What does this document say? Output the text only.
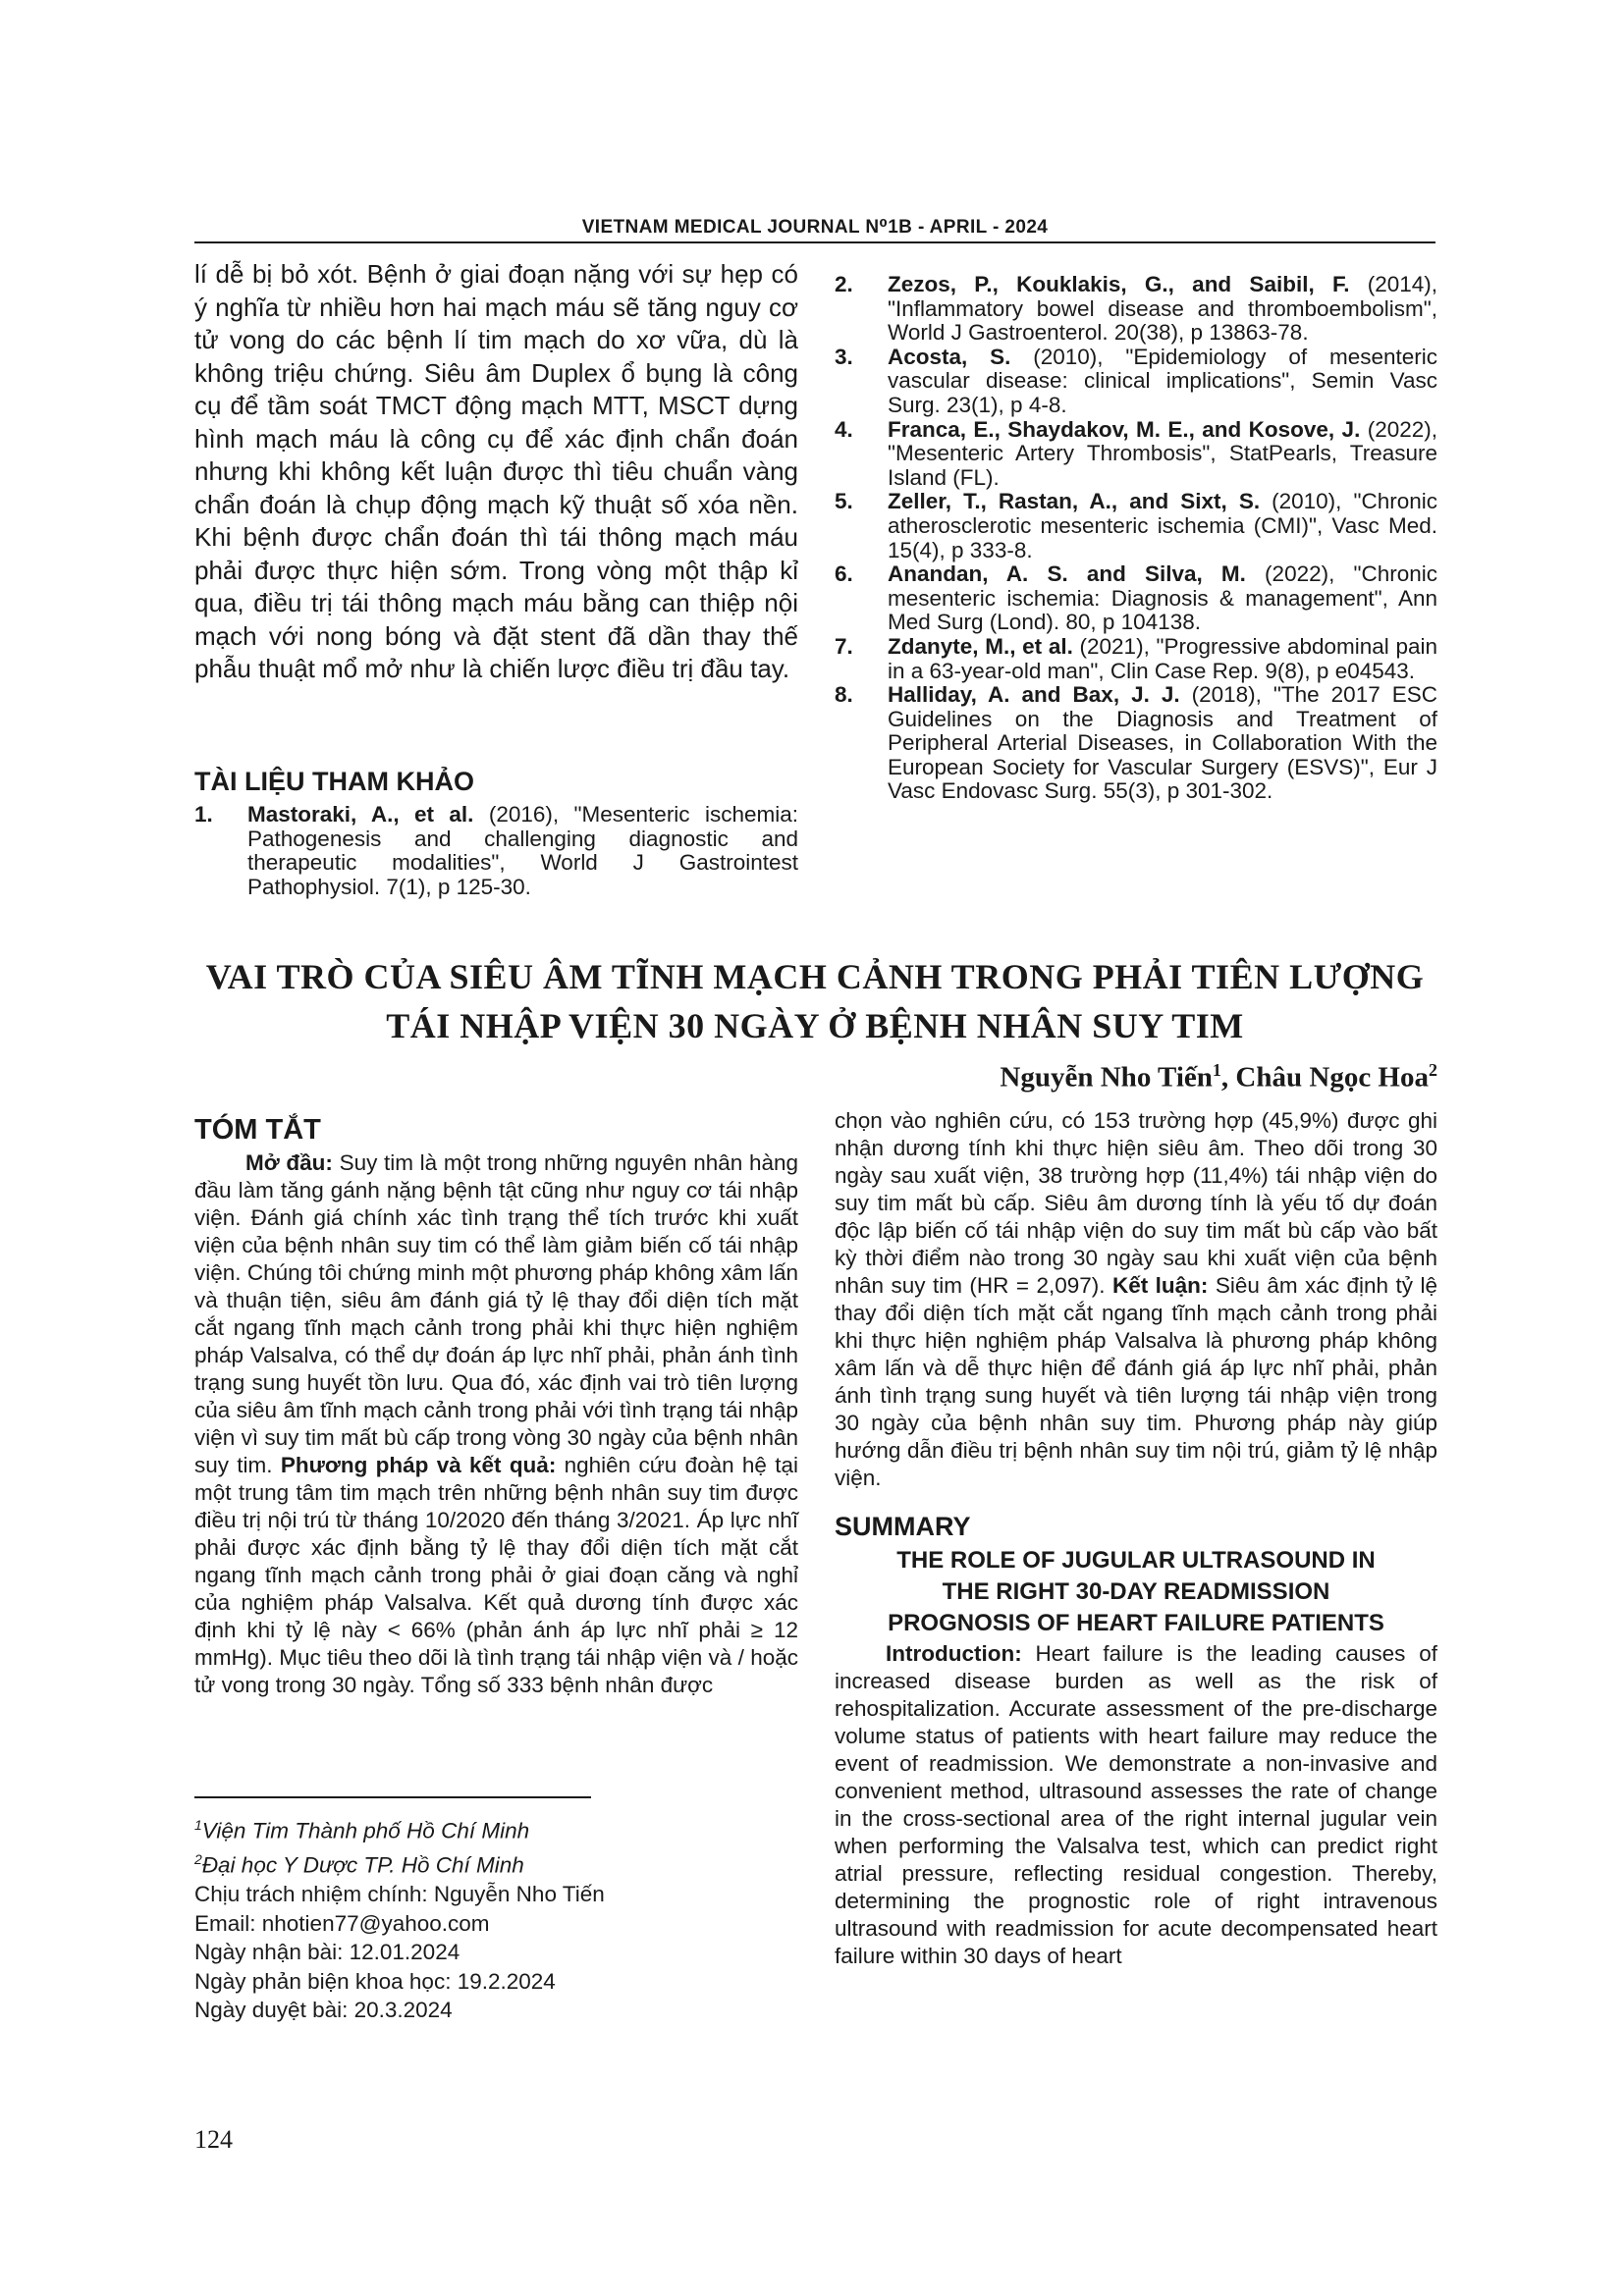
VIETNAM MEDICAL JOURNAL N⁰1B - APRIL - 2024

lí dễ bị bỏ xót. Bệnh ở giai đoạn nặng với sự hẹp có ý nghĩa từ nhiều hơn hai mạch máu sẽ tăng nguy cơ tử vong do các bệnh lí tim mạch do xơ vữa, dù là không triệu chứng. Siêu âm Duplex ổ bụng là công cụ để tầm soát TMCT động mạch MTT, MSCT dựng hình mạch máu là công cụ để xác định chẩn đoán nhưng khi không kết luận được thì tiêu chuẩn vàng chẩn đoán là chụp động mạch kỹ thuật số xóa nền. Khi bệnh được chẩn đoán thì tái thông mạch máu phải được thực hiện sớm. Trong vòng một thập kỉ qua, điều trị tái thông mạch máu bằng can thiệp nội mạch với nong bóng và đặt stent đã dần thay thế phẫu thuật mổ mở như là chiến lược điều trị đầu tay.

TÀI LIỆU THAM KHẢO
1.	Mastoraki, A., et al. (2016), "Mesenteric ischemia: Pathogenesis and challenging diagnostic and therapeutic modalities", World J Gastrointest Pathophysiol. 7(1), p 125-30.
2.	Zezos, P., Kouklakis, G., and Saibil, F. (2014), "Inflammatory bowel disease and thromboembolism", World J Gastroenterol. 20(38), p 13863-78.
3.	Acosta, S. (2010), "Epidemiology of mesenteric vascular disease: clinical implications", Semin Vasc Surg. 23(1), p 4-8.
4.	Franca, E., Shaydakov, M. E., and Kosove, J. (2022), "Mesenteric Artery Thrombosis", StatPearls, Treasure Island (FL).
5.	Zeller, T., Rastan, A., and Sixt, S. (2010), "Chronic atherosclerotic mesenteric ischemia (CMI)", Vasc Med. 15(4), p 333-8.
6.	Anandan, A. S. and Silva, M. (2022), "Chronic mesenteric ischemia: Diagnosis & management", Ann Med Surg (Lond). 80, p 104138.
7.	Zdanyte, M., et al. (2021), "Progressive abdominal pain in a 63-year-old man", Clin Case Rep. 9(8), p e04543.
8.	Halliday, A. and Bax, J. J. (2018), "The 2017 ESC Guidelines on the Diagnosis and Treatment of Peripheral Arterial Diseases, in Collaboration With the European Society for Vascular Surgery (ESVS)", Eur J Vasc Endovasc Surg. 55(3), p 301-302.
VAI TRÒ CỦA SIÊU ÂM TĨNH MẠCH CẢNH TRONG PHẢI TIÊN LƯỢNG
TÁI NHẬP VIỆN 30 NGÀY Ở BỆNH NHÂN SUY TIM
Nguyễn Nho Tiến$^1$, Châu Ngọc Hoa$^2$
TÓM TẮT

Mở đầu: Suy tim là một trong những nguyên nhân hàng đầu làm tăng gánh nặng bệnh tật cũng như nguy cơ tái nhập viện. Đánh giá chính xác tình trạng thể tích trước khi xuất viện của bệnh nhân suy tim có thể làm giảm biến cố tái nhập viện. Chúng tôi chứng minh một phương pháp không xâm lấn và thuận tiện, siêu âm đánh giá tỷ lệ thay đổi diện tích mặt cắt ngang tĩnh mạch cảnh trong phải khi thực hiện nghiệm pháp Valsalva, có thể dự đoán áp lực nhĩ phải, phản ánh tình trạng sung huyết tồn lưu. Qua đó, xác định vai trò tiên lượng của siêu âm tĩnh mạch cảnh trong phải với tình trạng tái nhập viện vì suy tim mất bù cấp trong vòng 30 ngày của bệnh nhân suy tim. Phương pháp và kết quả: nghiên cứu đoàn hệ tại một trung tâm tim mạch trên những bệnh nhân suy tim được điều trị nội trú từ tháng 10/2020 đến tháng 3/2021. Áp lực nhĩ phải được xác định bằng tỷ lệ thay đổi diện tích mặt cắt ngang tĩnh mạch cảnh trong phải ở giai đoạn căng và nghỉ của nghiệm pháp Valsalva. Kết quả dương tính được xác định khi tỷ lệ này < 66% (phản ánh áp lực nhĩ phải ≥ 12 mmHg). Mục tiêu theo dõi là tình trạng tái nhập viện và / hoặc tử vong trong 30 ngày. Tổng số 333 bệnh nhân được

chọn vào nghiên cứu, có 153 trường hợp (45,9%) được ghi nhận dương tính khi thực hiện siêu âm. Theo dõi trong 30 ngày sau xuất viện, 38 trường hợp (11,4%) tái nhập viện do suy tim mất bù cấp. Siêu âm dương tính là yếu tố dự đoán độc lập biến cố tái nhập viện do suy tim mất bù cấp vào bất kỳ thời điểm nào trong 30 ngày sau khi xuất viện của bệnh nhân suy tim (HR = 2,097). Kết luận: Siêu âm xác định tỷ lệ thay đổi diện tích mặt cắt ngang tĩnh mạch cảnh trong phải khi thực hiện nghiệm pháp Valsalva là phương pháp không xâm lấn và dễ thực hiện để đánh giá áp lực nhĩ phải, phản ánh tình trạng sung huyết và tiên lượng tái nhập viện trong 30 ngày của bệnh nhân suy tim. Phương pháp này giúp hướng dẫn điều trị bệnh nhân suy tim nội trú, giảm tỷ lệ nhập viện.

SUMMARY
THE ROLE OF JUGULAR ULTRASOUND IN
THE RIGHT 30-DAY READMISSION
PROGNOSIS OF HEART FAILURE PATIENTS

Introduction: Heart failure is the leading causes of increased disease burden as well as the risk of rehospitalization. Accurate assessment of the pre-discharge volume status of patients with heart failure may reduce the event of readmission. We demonstrate a non-invasive and convenient method, ultrasound assesses the rate of change in the cross-sectional area of the right internal jugular vein when performing the Valsalva test, which can predict right atrial pressure, reflecting residual congestion. Thereby, determining the prognostic role of right intravenous ultrasound with readmission for acute decompensated heart failure within 30 days of heart

$^1$Viện Tim Thành phố Hồ Chí Minh
$^2$Đại học Y Dược TP. Hồ Chí Minh
Chịu trách nhiệm chính: Nguyễn Nho Tiến
Email: nhotien77@yahoo.com
Ngày nhận bài: 12.01.2024
Ngày phản biện khoa học: 19.2.2024
Ngày duyệt bài: 20.3.2024
124
